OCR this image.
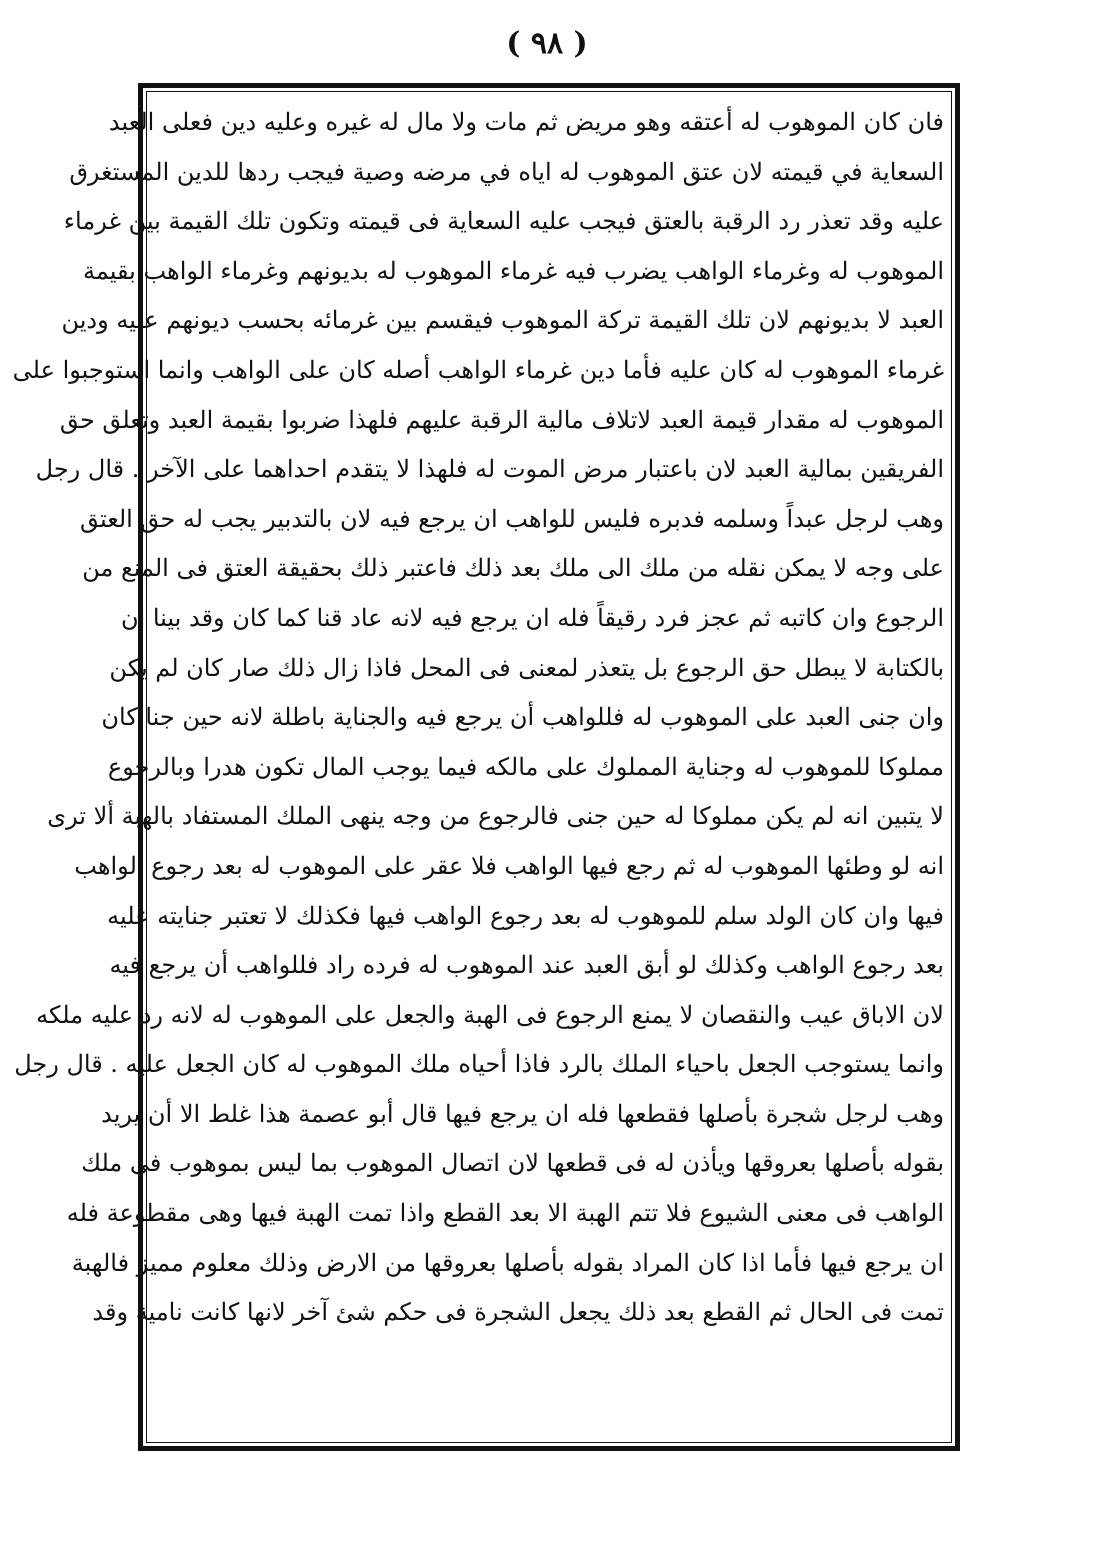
( ٩٨ )
فان كان الموهوب له أعتقه وهو مريض ثم مات ولا مال له غيره وعليه دين فعلى العبد
السعاية في قيمته لان عتق الموهوب له اياه في مرضه وصية فيجب ردها للدين المستغرق
عليه وقد تعذر رد الرقبة بالعتق فيجب عليه السعاية فى قيمته وتكون تلك القيمة بين غرماء
الموهوب له وغرماء الواهب يضرب فيه غرماء الموهوب له بديونهم وغرماء الواهب بقيمة
العبد لا بديونهم لان تلك القيمة تركة الموهوب فيقسم بين غرمائه بحسب ديونهم عليه ودين
غرماء الموهوب له كان عليه فأما دين غرماء الواهب أصله كان على الواهب وانما استوجبوا على
الموهوب له مقدار قيمة العبد لاتلاف مالية الرقبة عليهم فلهذا ضربوا بقيمة العبد وتعلق حق
الفريقين بمالية العبد لان باعتبار مرض الموت له فلهذا لا يتقدم احداهما على الآخر . قال رجل
وهب لرجل عبداً وسلمه فدبره فليس للواهب ان يرجع فيه لان بالتدبير يجب له حق العتق
على وجه لا يمكن نقله من ملك الى ملك بعد ذلك فاعتبر ذلك بحقيقة العتق فى المنع من
الرجوع وان كاتبه ثم عجز فرد رقيقاً فله ان يرجع فيه لانه عاد قنا كما كان وقد بينا ان
بالكتابة لا يبطل حق الرجوع بل يتعذر لمعنى فى المحل فاذا زال ذلك صار كان لم يكن
وان جنى العبد على الموهوب له فللواهب أن يرجع فيه والجناية باطلة لانه حين جنا كان
مملوكا للموهوب له وجناية المملوك على مالكه فيما يوجب المال تكون هدرا وبالرجوع
لا يتبين انه لم يكن مملوكا له حين جنى فالرجوع من وجه ينهى الملك المستفاد بالهبة ألا ترى
انه لو وطئها الموهوب له ثم رجع فيها الواهب فلا عقر على الموهوب له بعد رجوع الواهب
فيها وان كان الولد سلم للموهوب له بعد رجوع الواهب فيها فكذلك لا تعتبر جنايته عليه
بعد رجوع الواهب وكذلك لو أبق العبد عند الموهوب له فرده راد فللواهب أن يرجع فيه
لان الاباق عيب والنقصان لا يمنع الرجوع فى الهبة والجعل على الموهوب له لانه رد عليه ملكه
وانما يستوجب الجعل باحياء الملك بالرد فاذا أحياه ملك الموهوب له كان الجعل عليه . قال رجل
وهب لرجل شجرة بأصلها فقطعها فله ان يرجع فيها قال أبو عصمة هذا غلط الا أن يريد
بقوله بأصلها بعروقها ويأذن له فى قطعها لان اتصال الموهوب بما ليس بموهوب فى ملك
الواهب فى معنى الشيوع فلا تتم الهبة الا بعد القطع واذا تمت الهبة فيها وهى مقطوعة فله
ان يرجع فيها فأما اذا كان المراد بقوله بأصلها بعروقها من الارض وذلك معلوم مميز فالهبة
تمت فى الحال ثم القطع بعد ذلك يجعل الشجرة فى حكم شئ آخر لانها كانت نامية وقد
